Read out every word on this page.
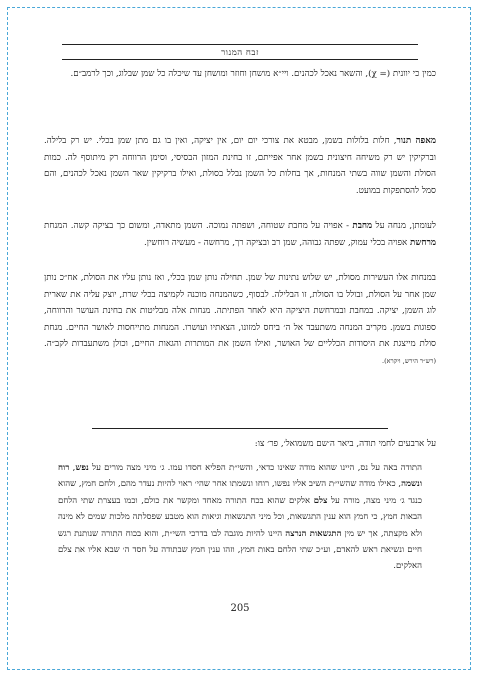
זבח המנור
כמין כי יוונית (= χ), והשאר נאכל לכהנים. ויי״א מושחן וחוזר ומושחן עד שיכלה כל שמן שבלוג, וכך לרמב״ם.
מאפה תנור, חלות בלולות בשמן, מבטא את צורכי יום יום, אין יציקה, ואין בו גם מתן שמן בכלי. יש רק בלילה. וברקיקין יש רק משיחה חיצונית בשמן אחר אפייתם, זו בחינת המזון הבסיסי, וסימן הרווחה רק מיתוסף לה. כמות הסולת והשמן שווה בשתי המנחות, אך בחלות כל השמן נבלל בסולת, ואילו ברקיקין שאר השמן נאכל לכהנים, והם סמל להסתפקות במועט.
לעומתן, מנחה על מחבת - אפויה על מחבת שטוחה, ושפתה נמוכה. השמן מתאדה, ומשום כך בציקה קשה. המנחת מרחשת אפויה בכלי עמוק, שפתה גבוהה, שמן רב ובציקה רך, מרחשה - מעשיה רוחשין.
במנחות אלו העשירות מסולת, יש שלוש נתינות של שמן. תחילה נותן שמן בכלי, ואז נותן עליו את הסולת, אח״כ נותן שמן אחר על הסולת, ובולל בו הסולת, זו הבלילה. לבסוף, כשהמנחה מוכנה לקמיצה בכלי שרת, יוצק עליה את שארית לוג השמן, יציקה. במחבת ובמרחשת היציקה היא לאחר הפתיתה. מנחות אלה מבליטות את בחינת העושר והרווחה, ספוגות בשמן. מקריב המנחה משתעבד אל ה׳ ביחס למזונו, הצאתיו ועושרו. המנחות מתייחסות לאושר החיים. מנחת סולת מייצגת את היסודות הכלליים של האושר, ואילו השמן את המותרות והגאות החיים, וכולן משתעבדות לקב״ה. (רש״ר הירש, ויקרא).
על ארבעים לחמי תודה, ביאר ה׳שם משמואל׳, פר׳ צו:
התודה באה על נס, היינו שהוא מודה שאינו כדאי, והשי״ת הפליא חסדו עמו. ג׳ מיני מצה מורים על נפש, רוח ונשמה, כאילו מודה שהשי״ת השיב אליו נפשו, רוחו ונשמתו אחר שהי׳ ראוי להיות נעדר מהם, ולחם חמץ, שהוא כנגד ג׳ מיני מצה, מורה על צלם אלקים שהוא בכח התורה מאחד ומקשר את כולם, וכמו בעצרת שתי הלחם הבאות חמץ, כי חמץ הוא ענין התגשאות, וכל מיני התגשאות וגיאות הוא מטבע שפסלתה מלכות שמים לא מינה ולא מקצתה, אך יש מין התגשאות הנרצה היינו להיות מוגבה לבו בדרכי השי״ת, והוא בכוח התורה שנותנת רגש חיים ונשיאת ראש להאדם, וע״כ שתי הלחם באות חמץ, וזהו ענין חמץ שבתודה על חסד ה׳ שבא אליו את צלם האלקים.
205
